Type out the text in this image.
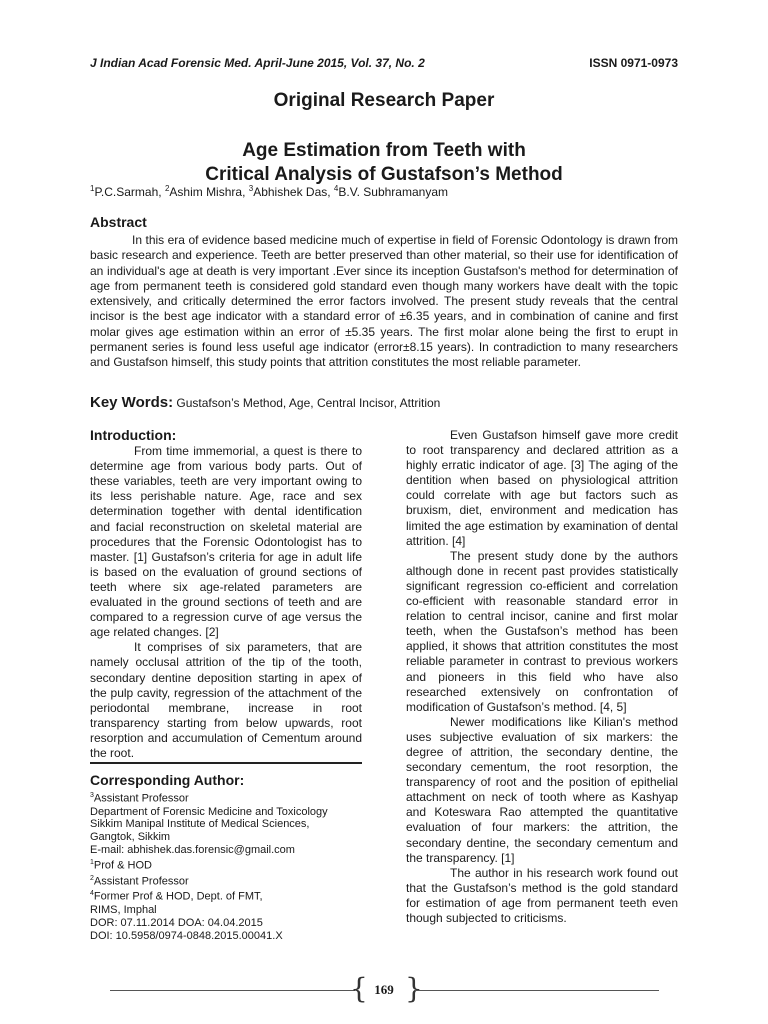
J Indian Acad Forensic Med. April-June 2015, Vol. 37, No. 2	ISSN 0971-0973
Original Research Paper
Age Estimation from Teeth with
Critical Analysis of Gustafson’s Method
$^1$P.C.Sarmah, $^2$Ashim Mishra, $^3$Abhishek Das, $^4$B.V. Subhramanyam
Abstract

In this era of evidence based medicine much of expertise in field of Forensic Odontology is drawn from basic research and experience. Teeth are better preserved than other material, so their use for identification of an individual's age at death is very important .Ever since its inception Gustafson's method for determination of age from permanent teeth is considered gold standard even though many workers have dealt with the topic extensively, and critically determined the error factors involved. The present study reveals that the central incisor is the best age indicator with a standard error of ±6.35 years, and in combination of canine and first molar gives age estimation within an error of ±5.35 years. The first molar alone being the first to erupt in permanent series is found less useful age indicator (error±8.15 years). In contradiction to many researchers and Gustafson himself, this study points that attrition constitutes the most reliable parameter.

Key Words: Gustafson’s Method, Age, Central Incisor, Attrition
Introduction:

From time immemorial, a quest is there to determine age from various body parts. Out of these variables, teeth are very important owing to its less perishable nature. Age, race and sex determination together with dental identification and facial reconstruction on skeletal material are procedures that the Forensic Odontologist has to master. [1] Gustafson’s criteria for age in adult life is based on the evaluation of ground sections of teeth where six age-related parameters are evaluated in the ground sections of teeth and are compared to a regression curve of age versus the age related changes. [2]

It comprises of six parameters, that are namely occlusal attrition of the tip of the tooth, secondary dentine deposition starting in apex of the pulp cavity, regression of the attachment of the periodontal membrane, increase in root transparency starting from below upwards, root resorption and accumulation of Cementum around the root.

Corresponding Author:
$^3$Assistant Professor
Department of Forensic Medicine and Toxicology
Sikkim Manipal Institute of Medical Sciences,
Gangtok, Sikkim
E-mail: abhishek.das.forensic@gmail.com
$^1$Prof & HOD
$^2$Assistant Professor
$^4$Former Prof & HOD, Dept. of FMT,
RIMS, Imphal
DOR: 07.11.2014 DOA: 04.04.2015
DOI: 10.5958/0974-0848.2015.00041.X

Even Gustafson himself gave more credit to root transparency and declared attrition as a highly erratic indicator of age. [3] The aging of the dentition when based on physiological attrition could correlate with age but factors such as bruxism, diet, environment and medication has limited the age estimation by examination of dental attrition. [4]

The present study done by the authors although done in recent past provides statistically significant regression co-efficient and correlation co-efficient with reasonable standard error in relation to central incisor, canine and first molar teeth, when the Gustafson’s method has been applied, it shows that attrition constitutes the most reliable parameter in contrast to previous workers and pioneers in this field who have also researched extensively on confrontation of modification of Gustafson’s method. [4, 5]

Newer modifications like Kilian's method uses subjective evaluation of six markers: the degree of attrition, the secondary dentine, the secondary cementum, the root resorption, the transparency of root and the position of epithelial attachment on neck of tooth where as Kashyap and Koteswara Rao attempted the quantitative evaluation of four markers: the attrition, the secondary dentine, the secondary cementum and the transparency. [1]

The author in his research work found out that the Gustafson’s method is the gold standard for estimation of age from permanent teeth even though subjected to criticisms.

{ 169 }
